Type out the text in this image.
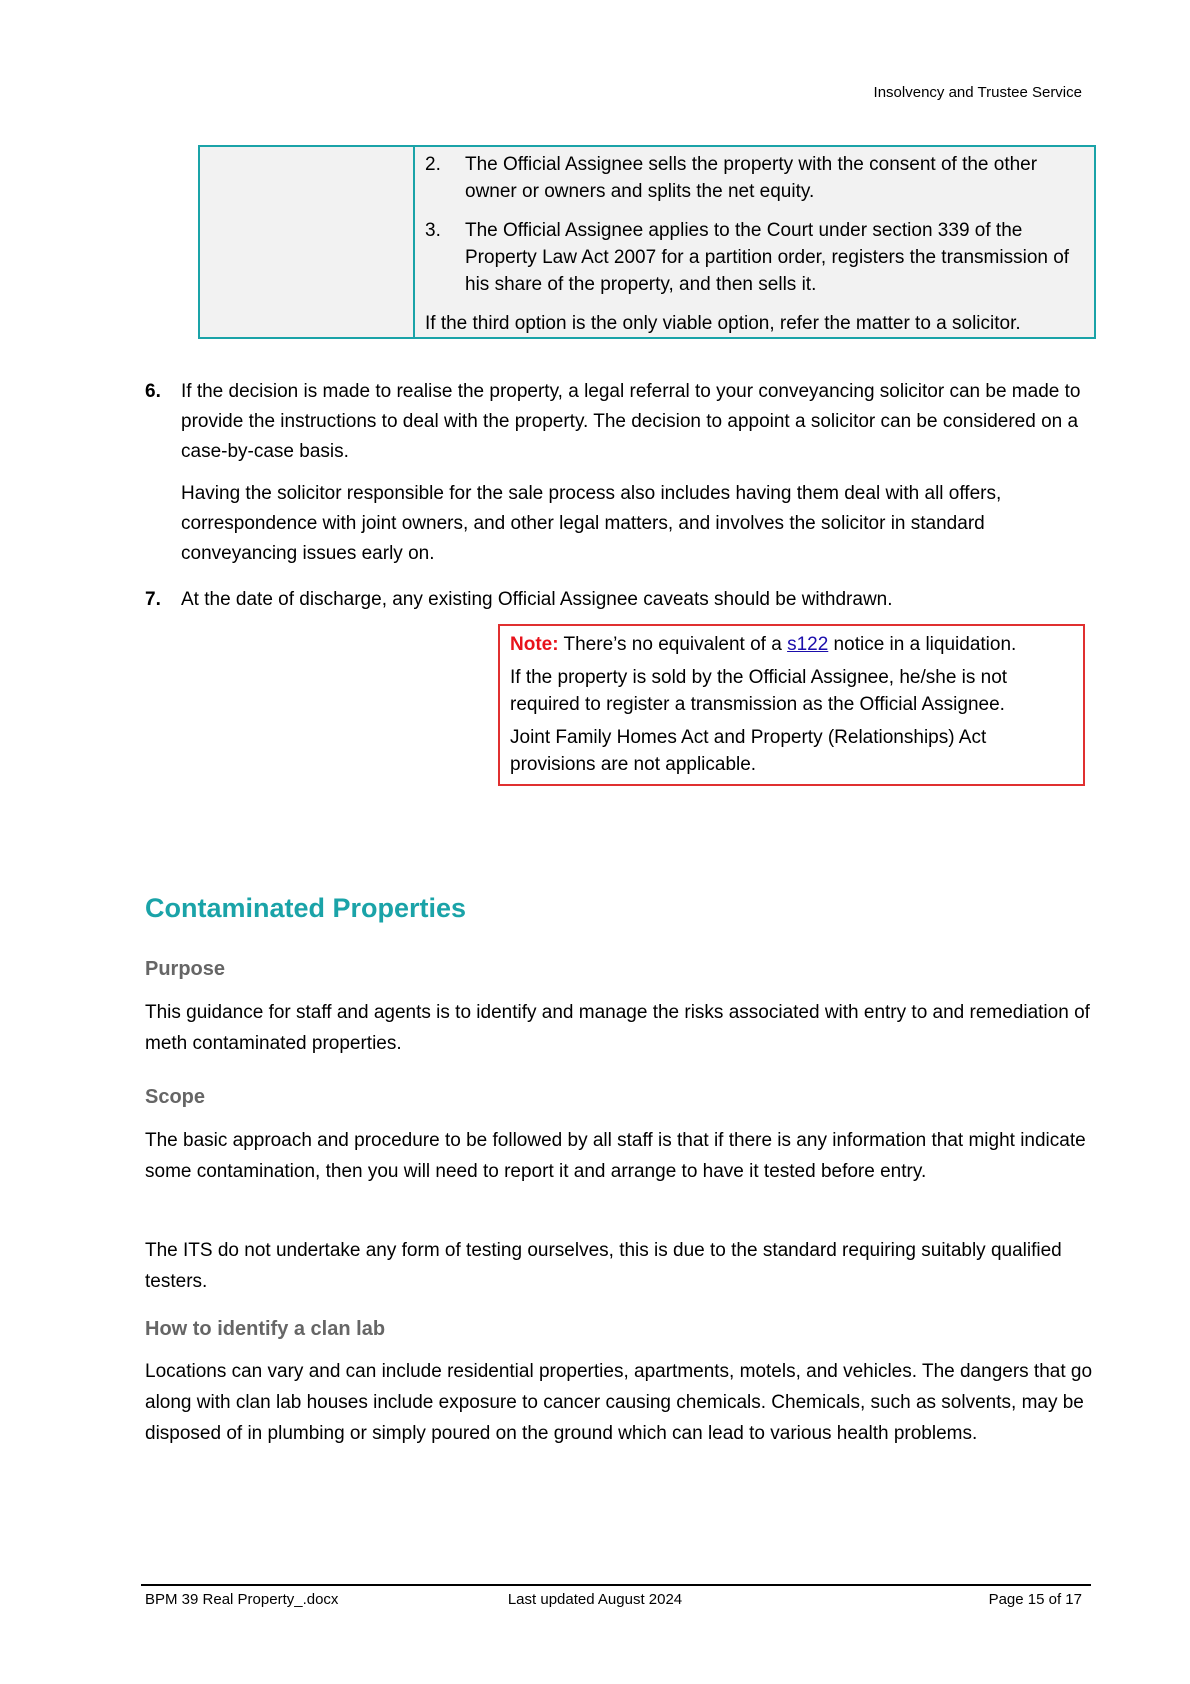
Insolvency and Trustee Service
2.	The Official Assignee sells the property with the consent of the other owner or owners and splits the net equity.
3.	The Official Assignee applies to the Court under section 339 of the Property Law Act 2007 for a partition order, registers the transmission of his share of the property, and then sells it.
If the third option is the only viable option, refer the matter to a solicitor.
6.	If the decision is made to realise the property, a legal referral to your conveyancing solicitor can be made to provide the instructions to deal with the property. The decision to appoint a solicitor can be considered on a case-by-case basis.

Having the solicitor responsible for the sale process also includes having them deal with all offers, correspondence with joint owners, and other legal matters, and involves the solicitor in standard conveyancing issues early on.

7.	At the date of discharge, any existing Official Assignee caveats should be withdrawn.

Note: There’s no equivalent of a s122 notice in a liquidation.

If the property is sold by the Official Assignee, he/she is not required to register a transmission as the Official Assignee.

Joint Family Homes Act and Property (Relationships) Act provisions are not applicable.

Contaminated Properties
Purpose

This guidance for staff and agents is to identify and manage the risks associated with entry to and remediation of meth contaminated properties.

Scope

The basic approach and procedure to be followed by all staff is that if there is any information that might indicate some contamination, then you will need to report it and arrange to have it tested before entry.

The ITS do not undertake any form of testing ourselves, this is due to the standard requiring suitably qualified testers.

How to identify a clan lab

Locations can vary and can include residential properties, apartments, motels, and vehicles. The dangers that go along with clan lab houses include exposure to cancer causing chemicals. Chemicals, such as solvents, may be disposed of in plumbing or simply poured on the ground which can lead to various health problems.

BPM 39 Real Property_.docx	Last updated August 2024	Page 15 of 17
